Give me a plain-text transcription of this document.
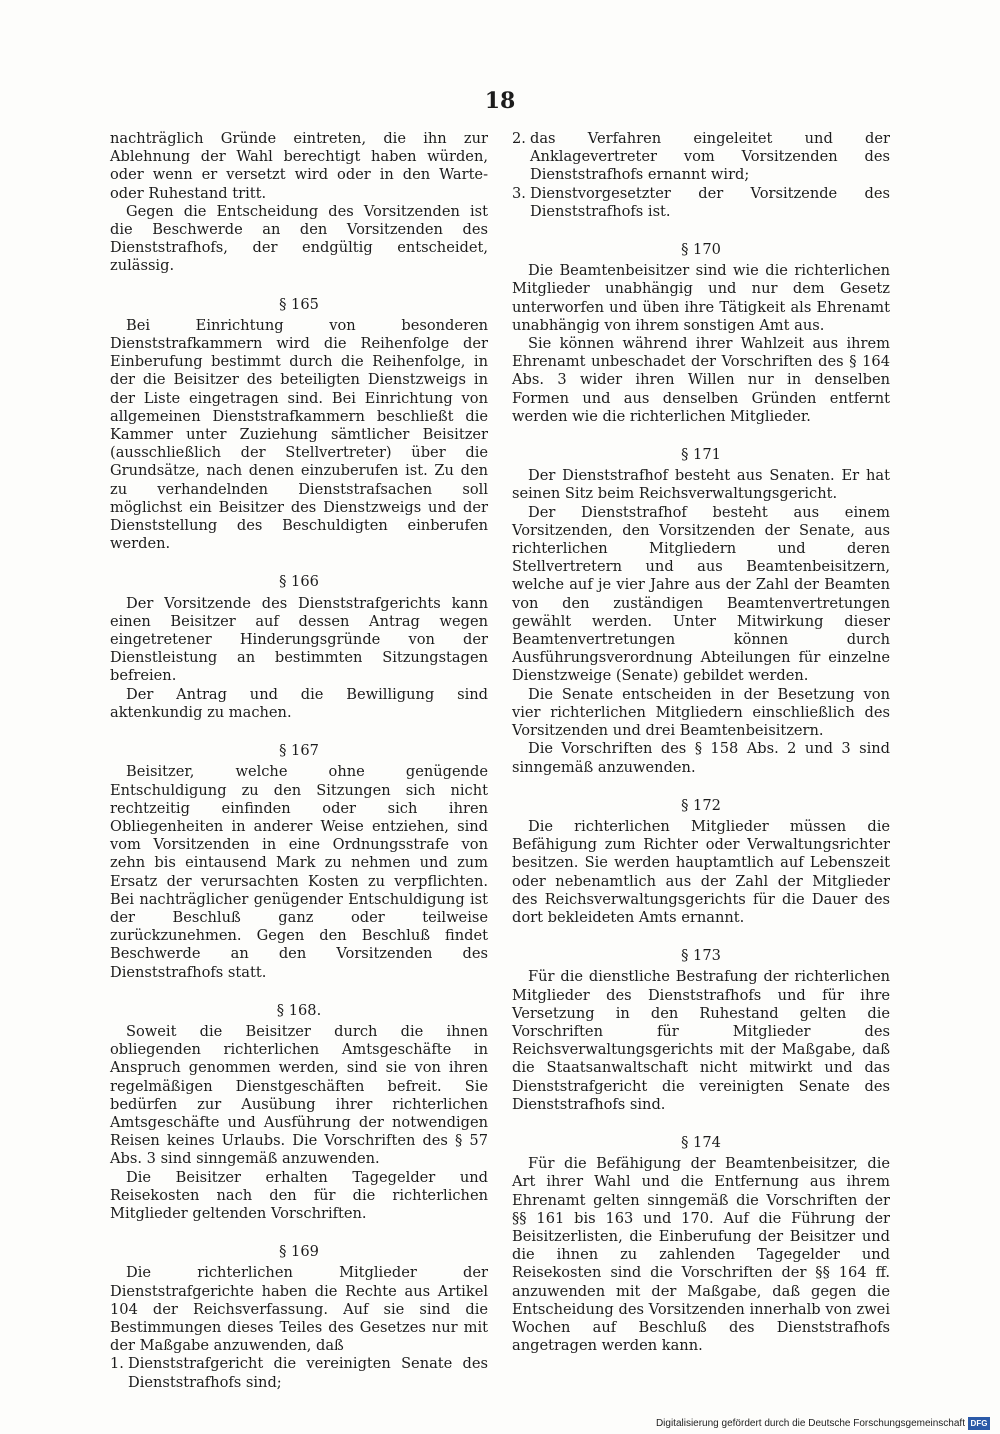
18

nachträglich Gründe eintreten, die ihn zur Ablehnung der Wahl berechtigt haben würden, oder wenn er versetzt wird oder in den Warte- oder Ruhestand tritt.

Gegen die Entscheidung des Vorsitzenden ist die Beschwerde an den Vorsitzenden des Dienststrafhofs, der endgültig entscheidet, zulässig.

§ 165

Bei Einrichtung von besonderen Dienststrafkammern wird die Reihenfolge der Einberufung bestimmt durch die Reihenfolge, in der die Beisitzer des beteiligten Dienstzweigs in der Liste eingetragen sind. Bei Einrichtung von allgemeinen Dienststrafkammern beschließt die Kammer unter Zuziehung sämtlicher Beisitzer (ausschließlich der Stellvertreter) über die Grundsätze, nach denen einzuberufen ist. Zu den zu verhandelnden Dienststrafsachen soll möglichst ein Beisitzer des Dienstzweigs und der Dienststellung des Beschuldigten einberufen werden.

§ 166

Der Vorsitzende des Dienststrafgerichts kann einen Beisitzer auf dessen Antrag wegen eingetretener Hinderungsgründe von der Dienstleistung an bestimmten Sitzungstagen befreien.

Der Antrag und die Bewilligung sind aktenkundig zu machen.

§ 167

Beisitzer, welche ohne genügende Entschuldigung zu den Sitzungen sich nicht rechtzeitig einfinden oder sich ihren Obliegenheiten in anderer Weise entziehen, sind vom Vorsitzenden in eine Ordnungsstrafe von zehn bis eintausend Mark zu nehmen und zum Ersatz der verursachten Kosten zu verpflichten. Bei nachträglicher genügender Entschuldigung ist der Beschluß ganz oder teilweise zurückzunehmen. Gegen den Beschluß findet Beschwerde an den Vorsitzenden des Dienststrafhofs statt.

§ 168.

Soweit die Beisitzer durch die ihnen obliegenden richterlichen Amtsgeschäfte in Anspruch genommen werden, sind sie von ihren regelmäßigen Dienstgeschäften befreit. Sie bedürfen zur Ausübung ihrer richterlichen Amtsgeschäfte und Ausführung der notwendigen Reisen keines Urlaubs. Die Vorschriften des § 57 Abs. 3 sind sinngemäß anzuwenden.

Die Beisitzer erhalten Tagegelder und Reisekosten nach den für die richterlichen Mitglieder geltenden Vorschriften.

§ 169

Die richterlichen Mitglieder der Dienststrafgerichte haben die Rechte aus Artikel 104 der Reichsverfassung. Auf sie sind die Bestimmungen dieses Teiles des Gesetzes nur mit der Maßgabe anzuwenden, daß

1. Dienststrafgericht die vereinigten Senate des Dienststrafhofs sind;
2. das Verfahren eingeleitet und der Anklagevertreter vom Vorsitzenden des Dienststrafhofs ernannt wird;
3. Dienstvorgesetzter der Vorsitzende des Dienststrafhofs ist.
§ 170

Die Beamtenbeisitzer sind wie die richterlichen Mitglieder unabhängig und nur dem Gesetz unterworfen und üben ihre Tätigkeit als Ehrenamt unabhängig von ihrem sonstigen Amt aus.

Sie können während ihrer Wahlzeit aus ihrem Ehrenamt unbeschadet der Vorschriften des § 164 Abs. 3 wider ihren Willen nur in denselben Formen und aus denselben Gründen entfernt werden wie die richterlichen Mitglieder.

§ 171

Der Dienststrafhof besteht aus Senaten. Er hat seinen Sitz beim Reichsverwaltungsgericht.

Der Dienststrafhof besteht aus einem Vorsitzenden, den Vorsitzenden der Senate, aus richterlichen Mitgliedern und deren Stellvertretern und aus Beamtenbeisitzern, welche auf je vier Jahre aus der Zahl der Beamten von den zuständigen Beamtenvertretungen gewählt werden. Unter Mitwirkung dieser Beamtenvertretungen können durch Ausführungsverordnung Abteilungen für einzelne Dienstzweige (Senate) gebildet werden.

Die Senate entscheiden in der Besetzung von vier richterlichen Mitgliedern einschließlich des Vorsitzenden und drei Beamtenbeisitzern.

Die Vorschriften des § 158 Abs. 2 und 3 sind sinngemäß anzuwenden.

§ 172

Die richterlichen Mitglieder müssen die Befähigung zum Richter oder Verwaltungsrichter besitzen. Sie werden hauptamtlich auf Lebenszeit oder nebenamtlich aus der Zahl der Mitglieder des Reichsverwaltungsgerichts für die Dauer des dort bekleideten Amts ernannt.

§ 173

Für die dienstliche Bestrafung der richterlichen Mitglieder des Dienststrafhofs und für ihre Versetzung in den Ruhestand gelten die Vorschriften für Mitglieder des Reichsverwaltungsgerichts mit der Maßgabe, daß die Staatsanwaltschaft nicht mitwirkt und das Dienststrafgericht die vereinigten Senate des Dienststrafhofs sind.

§ 174

Für die Befähigung der Beamtenbeisitzer, die Art ihrer Wahl und die Entfernung aus ihrem Ehrenamt gelten sinngemäß die Vorschriften der §§ 161 bis 163 und 170. Auf die Führung der Beisitzerlisten, die Einberufung der Beisitzer und die ihnen zu zahlenden Tagegelder und Reisekosten sind die Vorschriften der §§ 164 ff. anzuwenden mit der Maßgabe, daß gegen die Entscheidung des Vorsitzenden innerhalb von zwei Wochen auf Beschluß des Dienststrafhofs angetragen werden kann.

Digitalisierung gefördert durch die Deutsche Forschungsgemeinschaft DFG
